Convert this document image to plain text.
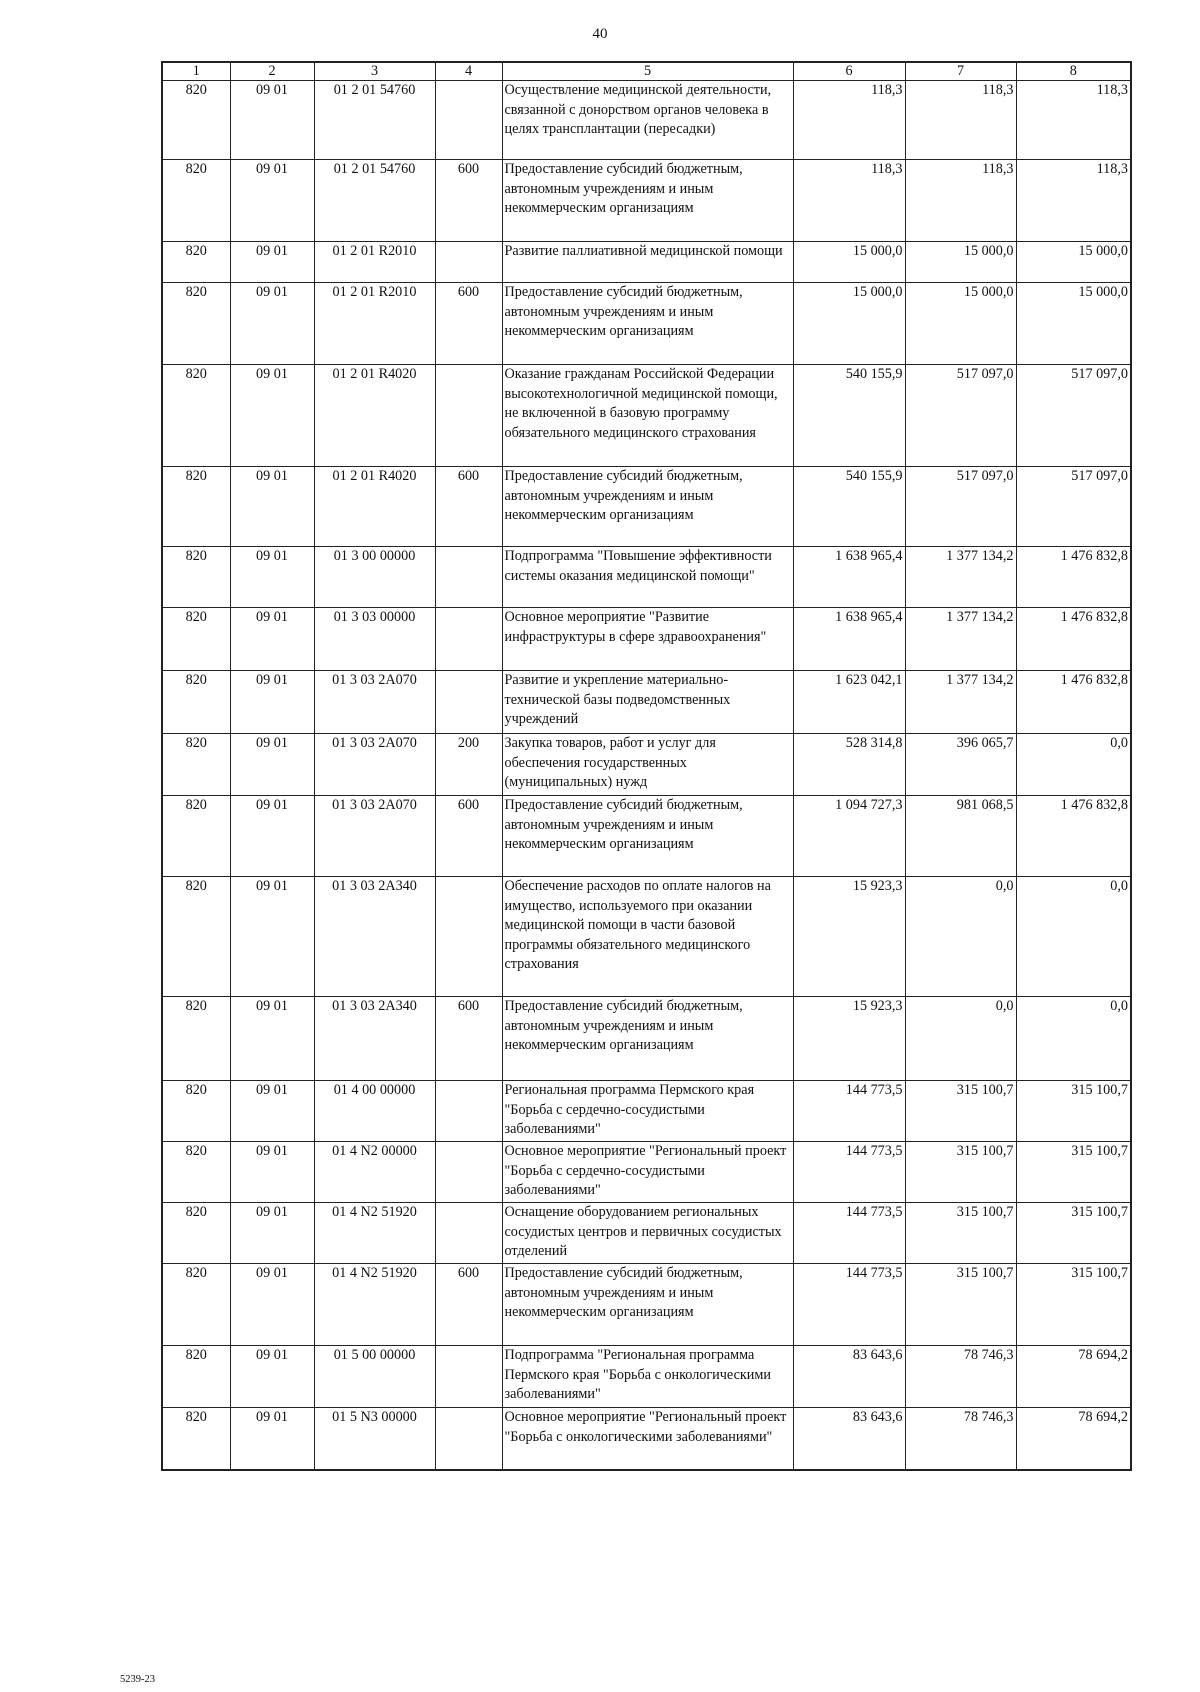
40
1	2	3	4	5	6	7	8
820	09 01	01 2 01 54760		Осуществление медицинской деятельности, связанной с донорством органов человека в целях трансплантации (пересадки)	118,3	118,3	118,3
820	09 01	01 2 01 54760	600	Предоставление субсидий бюджетным, автономным учреждениям и иным некоммерческим организациям	118,3	118,3	118,3
820	09 01	01 2 01 R2010		Развитие паллиативной медицинской помощи	15 000,0	15 000,0	15 000,0
820	09 01	01 2 01 R2010	600	Предоставление субсидий бюджетным, автономным учреждениям и иным некоммерческим организациям	15 000,0	15 000,0	15 000,0
820	09 01	01 2 01 R4020		Оказание гражданам Российской Федерации высокотехнологичной медицинской помощи, не включенной в базовую программу обязательного медицинского страхования	540 155,9	517 097,0	517 097,0
820	09 01	01 2 01 R4020	600	Предоставление субсидий бюджетным, автономным учреждениям и иным некоммерческим организациям	540 155,9	517 097,0	517 097,0
820	09 01	01 3 00 00000		Подпрограмма "Повышение эффективности системы оказания медицинской помощи"	1 638 965,4	1 377 134,2	1 476 832,8
820	09 01	01 3 03 00000		Основное мероприятие "Развитие инфраструктуры в сфере здравоохранения"	1 638 965,4	1 377 134,2	1 476 832,8
820	09 01	01 3 03 2А070		Развитие и укрепление материально-технической базы подведомственных учреждений	1 623 042,1	1 377 134,2	1 476 832,8
820	09 01	01 3 03 2А070	200	Закупка товаров, работ и услуг для обеспечения государственных (муниципальных) нужд	528 314,8	396 065,7	0,0
820	09 01	01 3 03 2А070	600	Предоставление субсидий бюджетным, автономным учреждениям и иным некоммерческим организациям	1 094 727,3	981 068,5	1 476 832,8
820	09 01	01 3 03 2А340		Обеспечение расходов по оплате налогов на имущество, используемого при оказании медицинской помощи в части базовой программы обязательного медицинского страхования	15 923,3	0,0	0,0
820	09 01	01 3 03 2А340	600	Предоставление субсидий бюджетным, автономным учреждениям и иным некоммерческим организациям	15 923,3	0,0	0,0
820	09 01	01 4 00 00000		Региональная программа Пермского края "Борьба с сердечно-сосудистыми заболеваниями"	144 773,5	315 100,7	315 100,7
820	09 01	01 4 N2 00000		Основное мероприятие "Региональный проект "Борьба с сердечно-сосудистыми заболеваниями"	144 773,5	315 100,7	315 100,7
820	09 01	01 4 N2 51920		Оснащение оборудованием региональных сосудистых центров и первичных сосудистых отделений	144 773,5	315 100,7	315 100,7
820	09 01	01 4 N2 51920	600	Предоставление субсидий бюджетным, автономным учреждениям и иным некоммерческим организациям	144 773,5	315 100,7	315 100,7
820	09 01	01 5 00 00000		Подпрограмма "Региональная программа Пермского края "Борьба с онкологическими заболеваниями"	83 643,6	78 746,3	78 694,2
820	09 01	01 5 N3 00000		Основное мероприятие "Региональный проект "Борьба с онкологическими заболеваниями"	83 643,6	78 746,3	78 694,2
5239-23
